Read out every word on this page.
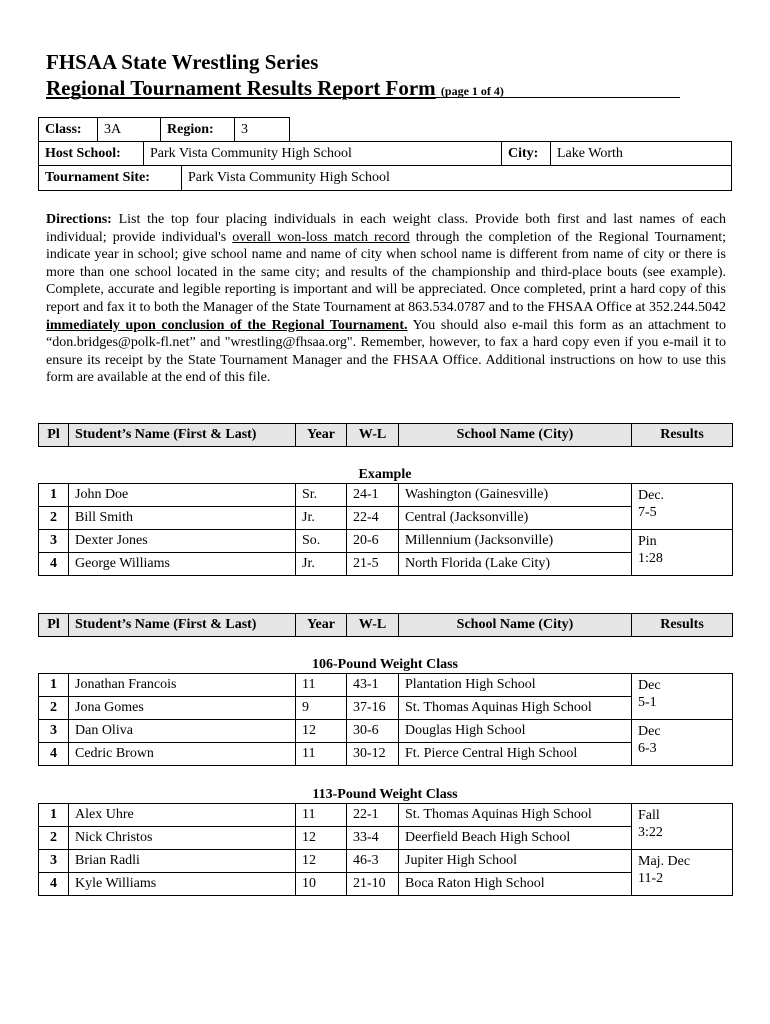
FHSAA State Wrestling Series
Regional Tournament Results Report Form (page 1 of 4)
Class:	3A	Region:	3
Host School:	Park Vista Community High School	City:	Lake Worth
Tournament Site:	Park Vista Community High School
Directions: List the top four placing individuals in each weight class. Provide both first and last names of each individual; provide individual's overall won-loss match record through the completion of the Regional Tournament; indicate year in school; give school name and name of city when school name is different from name of city or there is more than one school located in the same city; and results of the championship and third-place bouts (see example). Complete, accurate and legible reporting is important and will be appreciated. Once completed, print a hard copy of this report and fax it to both the Manager of the State Tournament at 863.534.0787 and to the FHSAA Office at 352.244.5042 immediately upon conclusion of the Regional Tournament. You should also e-mail this form as an attachment to “don.bridges@polk-fl.net” and "wrestling@fhsaa.org". Remember, however, to fax a hard copy even if you e-mail it to ensure its receipt by the State Tournament Manager and the FHSAA Office. Additional instructions on how to use this form are available at the end of this file.
Pl	Student’s Name (First & Last)	Year	W-L	School Name (City)	Results
Example
1	John Doe	Sr.	24-1	Washington (Gainesville)	Dec.
7-5
2	Bill Smith	Jr.	22-4	Central (Jacksonville)	
3	Dexter Jones	So.	20-6	Millennium (Jacksonville)	Pin
1:28
4	George Williams	Jr.	21-5	North Florida (Lake City)	
Pl	Student’s Name (First & Last)	Year	W-L	School Name (City)	Results
106-Pound Weight Class
1	Jonathan Francois	11	43-1	Plantation High School	Dec
5-1
2	Jona Gomes	9	37-16	St. Thomas Aquinas High School	
3	Dan Oliva	12	30-6	Douglas High School	Dec
6-3
4	Cedric Brown	11	30-12	Ft. Pierce Central High School	
113-Pound Weight Class
1	Alex Uhre	11	22-1	St. Thomas Aquinas High School	Fall
3:22
2	Nick Christos	12	33-4	Deerfield Beach High School	
3	Brian Radli	12	46-3	Jupiter High School	Maj. Dec
11-2
4	Kyle Williams	10	21-10	Boca Raton High School	
